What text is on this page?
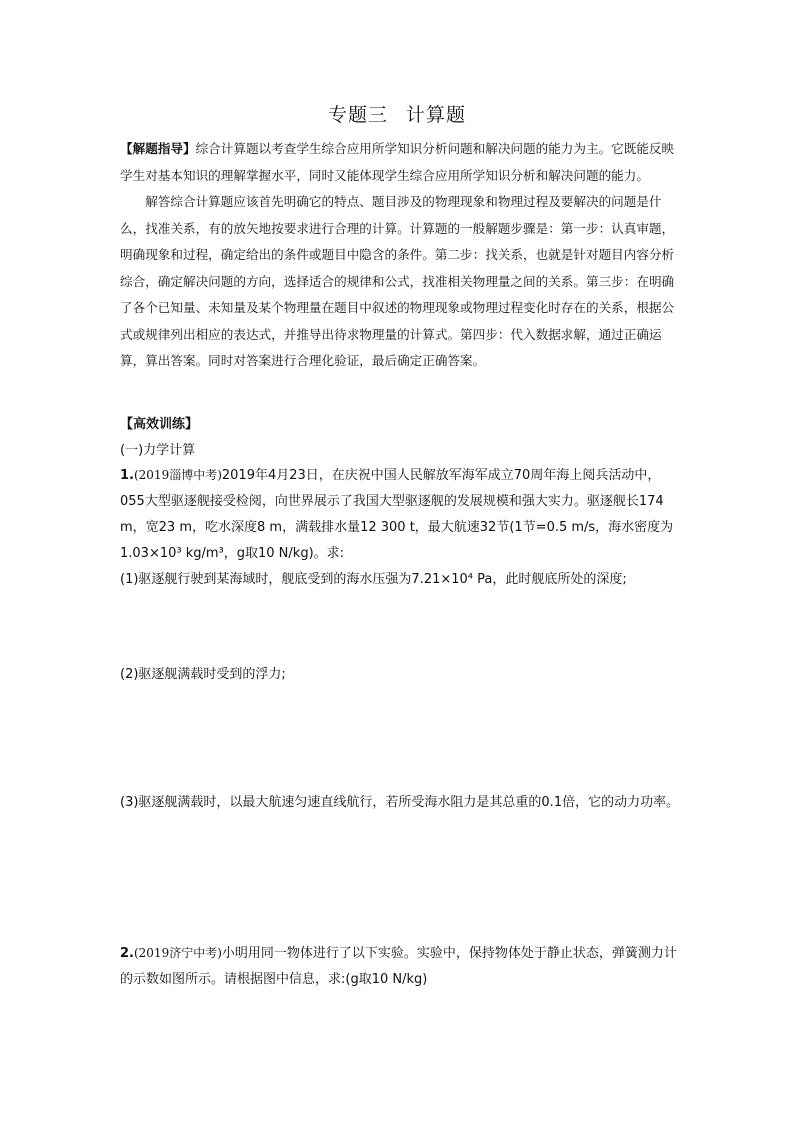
专题三 计算题

【解题指导】综合计算题以考查学生综合应用所学知识分析问题和解决问题的能力为主。它既能反映学生对基本知识的理解掌握水平，同时又能体现学生综合应用所学知识分析和解决问题的能力。

解答综合计算题应该首先明确它的特点、题目涉及的物理现象和物理过程及要解决的问题是什么，找准关系，有的放矢地按要求进行合理的计算。计算题的一般解题步骤是：第一步：认真审题，明确现象和过程，确定给出的条件或题目中隐含的条件。第二步：找关系，也就是针对题目内容分析综合，确定解决问题的方向，选择适合的规律和公式，找准相关物理量之间的关系。第三步：在明确了各个已知量、未知量及某个物理量在题目中叙述的物理现象或物理过程变化时存在的关系，根据公式或规律列出相应的表达式，并推导出待求物理量的计算式。第四步：代入数据求解，通过正确运算，算出答案。同时对答案进行合理化验证，最后确定正确答案。

【高效训练】
(一)力学计算

1.(2019淄博中考)2019年4月23日，在庆祝中国人民解放军海军成立70周年海上阅兵活动中，055大型驱逐舰接受检阅，向世界展示了我国大型驱逐舰的发展规模和强大实力。驱逐舰长174 m，宽23 m，吃水深度8 m，满载排水量12 300 t，最大航速32节(1节=0.5 m/s，海水密度为1.03×10³ kg/m³，g取10 N/kg)。求:

(1)驱逐舰行驶到某海域时，舰底受到的海水压强为7.21×10⁴ Pa，此时舰底所处的深度;

(2)驱逐舰满载时受到的浮力;
(3)驱逐舰满载时，以最大航速匀速直线航行，若所受海水阻力是其总重的0.1倍，它的动力功率。

2.(2019济宁中考)小明用同一物体进行了以下实验。实验中，保持物体处于静止状态，弹簧测力计的示数如图所示。请根据图中信息，求:(g取10 N/kg)
